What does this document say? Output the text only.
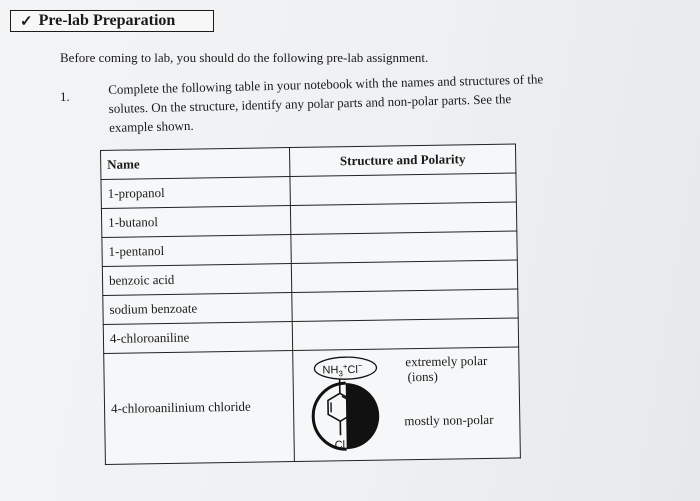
✓ Pre-lab Preparation
Before coming to lab, you should do the following pre-lab assignment.
1.	Complete the following table in your notebook with the names and structures of the
solutes. On the structure, identify any polar parts and non-polar parts. See the
example shown.
Name	Structure and Polarity
1-propanol	
1-butanol	
1-pentanol	
benzoic acid	
sodium benzoate	
4-chloroaniline	
4-chloroanilinium chloride	$NH_3^+Cl^-$
Cl
extremely polar
(ions)
mostly non-polar
